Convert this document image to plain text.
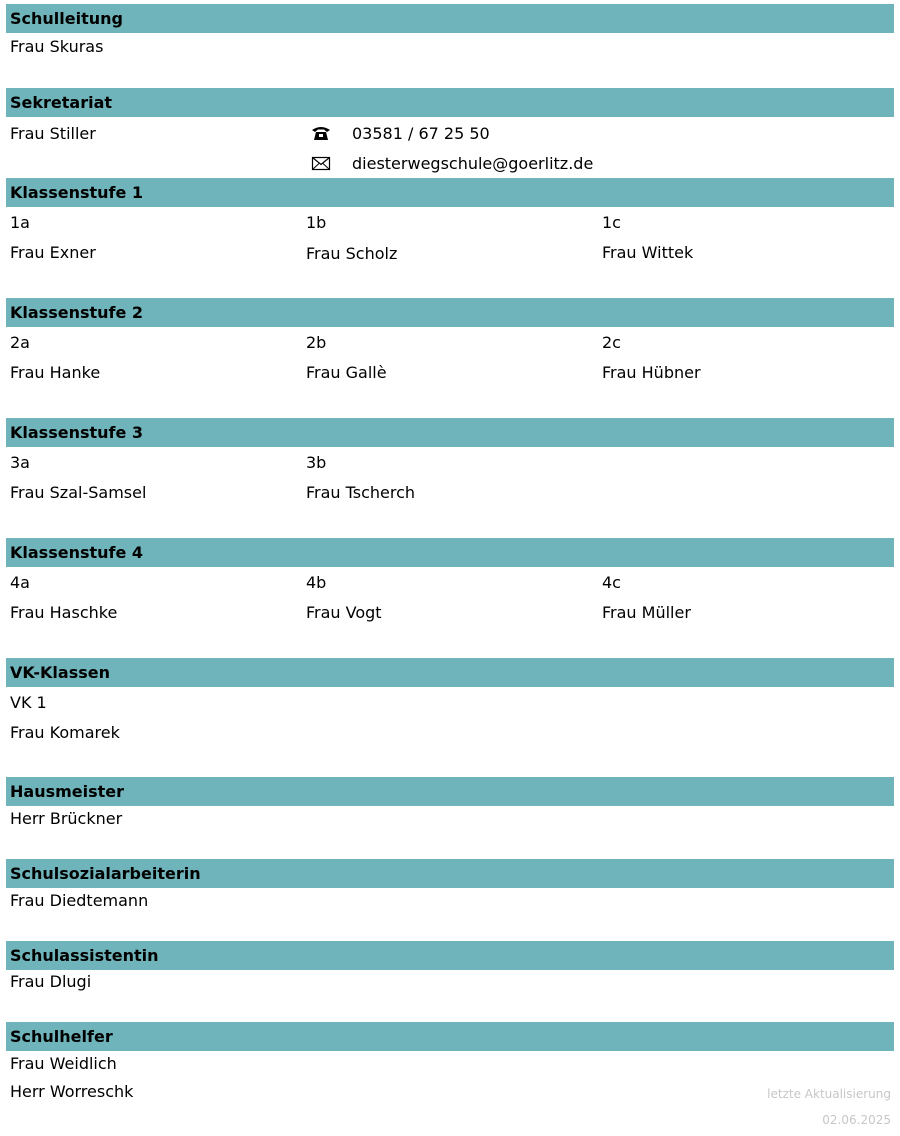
Schulleitung
Frau Skuras
Sekretariat
Frau Stiller	03581 / 67 25 50
diesterwegschule@goerlitz.de
Klassenstufe 1
1a	1b	1c
Frau Exner	Frau Scholz	Frau Wittek
Klassenstufe 2
2a	2b	2c
Frau Hanke	Frau Gallè	Frau Hübner
Klassenstufe 3
3a	3b
Frau Szal-Samsel	Frau Tscherch
Klassenstufe 4
4a	4b	4c
Frau Haschke	Frau Vogt	Frau Müller
VK-Klassen
VK 1
Frau Komarek
Hausmeister
Herr Brückner
Schulsozialarbeiterin
Frau Diedtemann
Schulassistentin
Frau Dlugi
Schulhelfer
Frau Weidlich
Herr Worreschk	letzte Aktualisierung
02.06.2025
